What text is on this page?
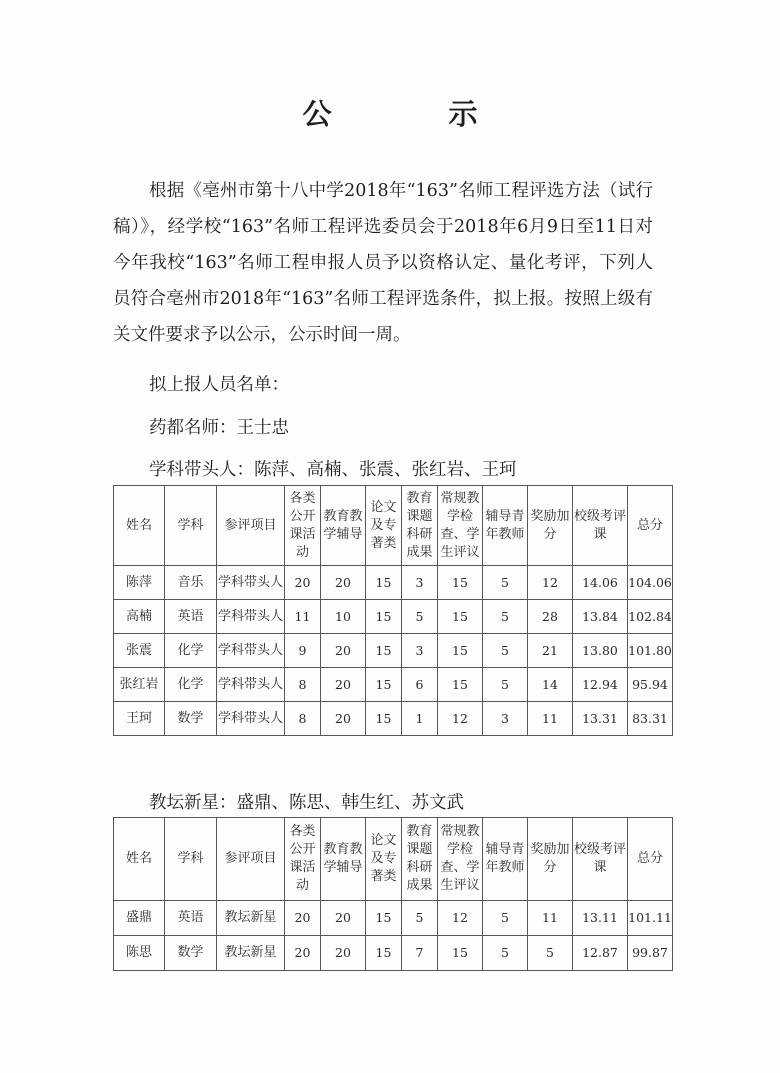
公　示
根据《亳州市第十八中学2018年“163”名师工程评选方法（试行稿）》，经学校“163”名师工程评选委员会于2018年6月9日至11日对今年我校“163”名师工程申报人员予以资格认定、量化考评，下列人员符合亳州市2018年“163”名师工程评选条件，拟上报。按照上级有关文件要求予以公示，公示时间一周。
拟上报人员名单：
药都名师：王士忠
学科带头人：陈萍、高楠、张震、张红岩、王珂
姓名	学科	参评项目	各类公开课活动	教育教学辅导	论文及专著类	教育课题科研成果	常规教学检查、学生评议	辅导青年教师	奖励加分	校级考评课	总分
陈萍	音乐	学科带头人	20	20	15	3	15	5	12	14.06	104.06
高楠	英语	学科带头人	11	10	15	5	15	5	28	13.84	102.84
张震	化学	学科带头人	9	20	15	3	15	5	21	13.80	101.80
张红岩	化学	学科带头人	8	20	15	6	15	5	14	12.94	95.94
王珂	数学	学科带头人	8	20	15	1	12	3	11	13.31	83.31
教坛新星：盛鼎、陈思、韩生红、苏文武
姓名	学科	参评项目	各类公开课活动	教育教学辅导	论文及专著类	教育课题科研成果	常规教学检查、学生评议	辅导青年教师	奖励加分	校级考评课	总分
盛鼎	英语	教坛新星	20	20	15	5	12	5	11	13.11	101.11
陈思	数学	教坛新星	20	20	15	7	15	5	5	12.87	99.87
